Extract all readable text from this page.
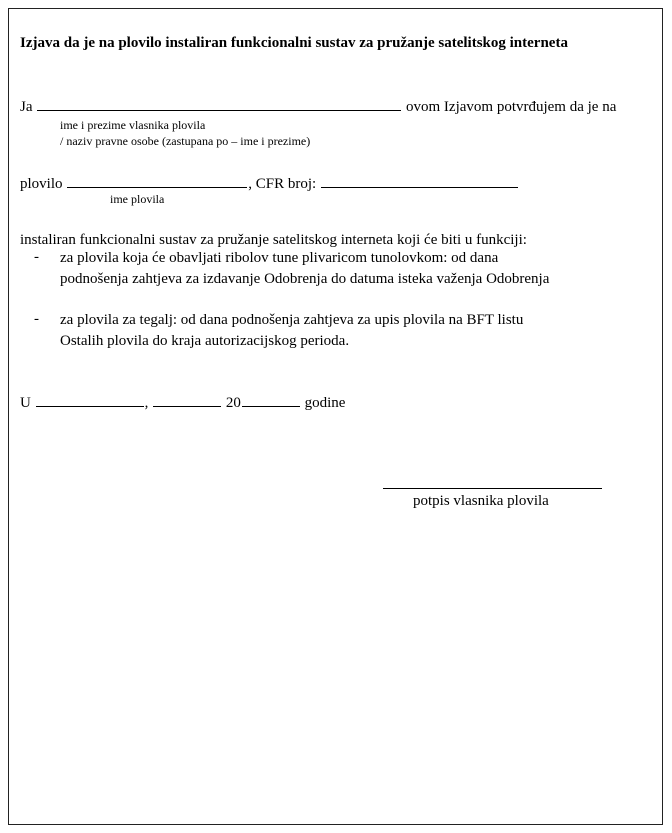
Izjava da je na plovilo instaliran funkcionalni sustav za pružanje satelitskog interneta
Ja	ovom Izjavom potvrđujem da je na
ime i prezime vlasnika plovila
/ naziv pravne osobe (zastupana po – ime i prezime)
plovilo	, CFR broj:
ime plovila
instaliran funkcionalni sustav za pružanje satelitskog interneta koji će biti u funkciji:
- za plovila koja će obavljati ribolov tune plivaricom tunolovkom: od dana
podnošenja zahtjeva za izdavanje Odobrenja do datuma isteka važenja Odobrenja
- za plovila za tegalj: od dana podnošenja zahtjeva za upis plovila na BFT listu
Ostalih plovila do kraja autorizacijskog perioda.
U	,	20	godine
potpis vlasnika plovila
